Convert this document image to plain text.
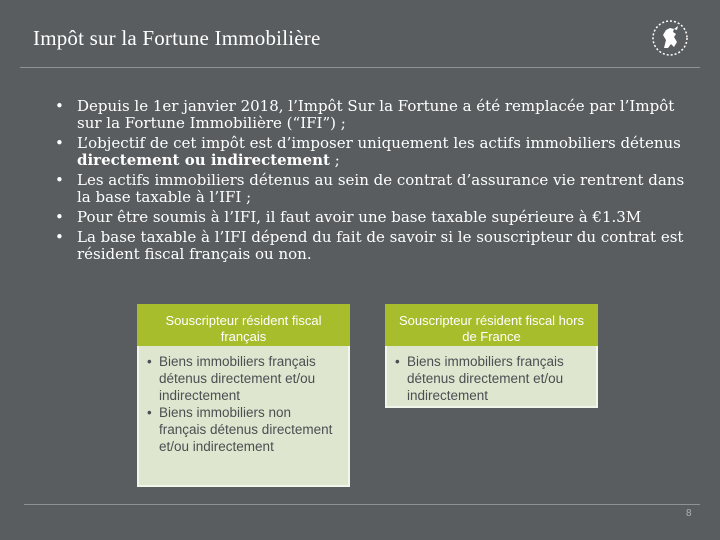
Impôt sur la Fortune Immobilière
• Depuis le 1er janvier 2018, l’Impôt Sur la Fortune a été remplacée par l’Impôt sur la Fortune Immobilière (“IFI”) ;
• L’objectif de cet impôt est d’imposer uniquement les actifs immobiliers détenus directement ou indirectement ;
• Les actifs immobiliers détenus au sein de contrat d’assurance vie rentrent dans la base taxable à l’IFI ;
• Pour être soumis à l’IFI, il faut avoir une base taxable supérieure à €1.3M
• La base taxable à l’IFI dépend du fait de savoir si le souscripteur du contrat est résident fiscal français ou non.
Souscripteur résident fiscal français
• Biens immobiliers français détenus directement et/ou indirectement
• Biens immobiliers non français détenus directement et/ou indirectement
Souscripteur résident fiscal hors de France
• Biens immobiliers français détenus directement et/ou indirectement
8
